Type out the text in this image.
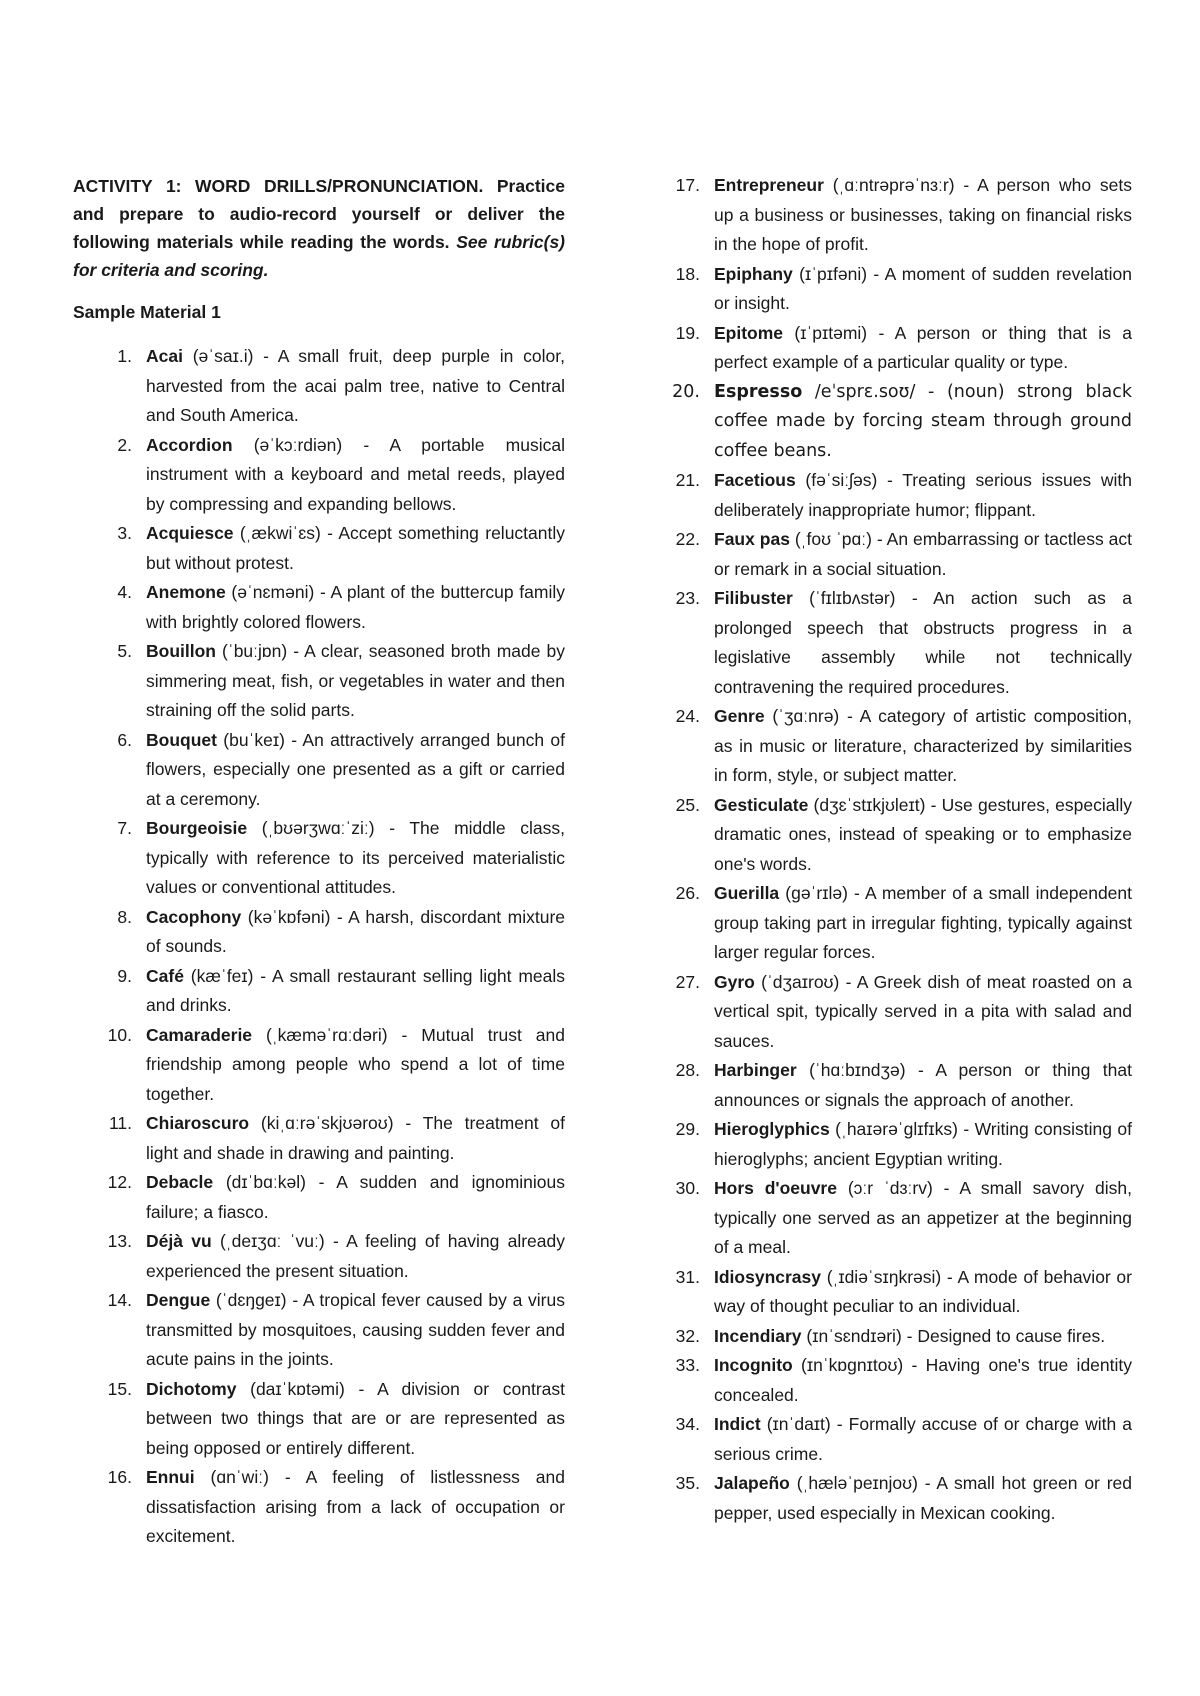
ACTIVITY 1: WORD DRILLS/PRONUNCIATION. Practice and prepare to audio-record yourself or deliver the following materials while reading the words. See rubric(s) for criteria and scoring.
Sample Material 1
1. Acai (əˈsaɪ.i) - A small fruit, deep purple in color, harvested from the acai palm tree, native to Central and South America.
2. Accordion (əˈkɔːrdiən) - A portable musical instrument with a keyboard and metal reeds, played by compressing and expanding bellows.
3. Acquiesce (ˌækwiˈɛs) - Accept something reluctantly but without protest.
4. Anemone (əˈnɛməni) - A plant of the buttercup family with brightly colored flowers.
5. Bouillon (ˈbuːjɒn) - A clear, seasoned broth made by simmering meat, fish, or vegetables in water and then straining off the solid parts.
6. Bouquet (buˈkeɪ) - An attractively arranged bunch of flowers, especially one presented as a gift or carried at a ceremony.
7. Bourgeoisie (ˌbʊərʒwɑːˈziː) - The middle class, typically with reference to its perceived materialistic values or conventional attitudes.
8. Cacophony (kəˈkɒfəni) - A harsh, discordant mixture of sounds.
9. Café (kæˈfeɪ) - A small restaurant selling light meals and drinks.
10. Camaraderie (ˌkæməˈrɑːdəri) - Mutual trust and friendship among people who spend a lot of time together.
11. Chiaroscuro (kiˌɑːrəˈskjʊəroʊ) - The treatment of light and shade in drawing and painting.
12. Debacle (dɪˈbɑːkəl) - A sudden and ignominious failure; a fiasco.
13. Déjà vu (ˌdeɪʒɑː ˈvuː) - A feeling of having already experienced the present situation.
14. Dengue (ˈdɛŋɡeɪ) - A tropical fever caused by a virus transmitted by mosquitoes, causing sudden fever and acute pains in the joints.
15. Dichotomy (daɪˈkɒtəmi) - A division or contrast between two things that are or are represented as being opposed or entirely different.
16. Ennui (ɑnˈwiː) - A feeling of listlessness and dissatisfaction arising from a lack of occupation or excitement.
17. Entrepreneur (ˌɑːntrəprəˈnɜːr) - A person who sets up a business or businesses, taking on financial risks in the hope of profit.
18. Epiphany (ɪˈpɪfəni) - A moment of sudden revelation or insight.
19. Epitome (ɪˈpɪtəmi) - A person or thing that is a perfect example of a particular quality or type.
20. Espresso /eˈsprɛ.soʊ/ - (noun) strong black coffee made by forcing steam through ground coffee beans.
21. Facetious (fəˈsiːʃəs) - Treating serious issues with deliberately inappropriate humor; flippant.
22. Faux pas (ˌfoʊ ˈpɑː) - An embarrassing or tactless act or remark in a social situation.
23. Filibuster (ˈfɪlɪbʌstər) - An action such as a prolonged speech that obstructs progress in a legislative assembly while not technically contravening the required procedures.
24. Genre (ˈʒɑːnrə) - A category of artistic composition, as in music or literature, characterized by similarities in form, style, or subject matter.
25. Gesticulate (dʒɛˈstɪkjʊleɪt) - Use gestures, especially dramatic ones, instead of speaking or to emphasize one's words.
26. Guerilla (ɡəˈrɪlə) - A member of a small independent group taking part in irregular fighting, typically against larger regular forces.
27. Gyro (ˈdʒaɪroʊ) - A Greek dish of meat roasted on a vertical spit, typically served in a pita with salad and sauces.
28. Harbinger (ˈhɑːbɪndʒə) - A person or thing that announces or signals the approach of another.
29. Hieroglyphics (ˌhaɪərəˈɡlɪfɪks) - Writing consisting of hieroglyphs; ancient Egyptian writing.
30. Hors d'oeuvre (ɔːr ˈdɜːrv) - A small savory dish, typically one served as an appetizer at the beginning of a meal.
31. Idiosyncrasy (ˌɪdiəˈsɪŋkrəsi) - A mode of behavior or way of thought peculiar to an individual.
32. Incendiary (ɪnˈsɛndɪəri) - Designed to cause fires.
33. Incognito (ɪnˈkɒɡnɪtoʊ) - Having one's true identity concealed.
34. Indict (ɪnˈdaɪt) - Formally accuse of or charge with a serious crime.
35. Jalapeño (ˌhæləˈpeɪnjoʊ) - A small hot green or red pepper, used especially in Mexican cooking.
